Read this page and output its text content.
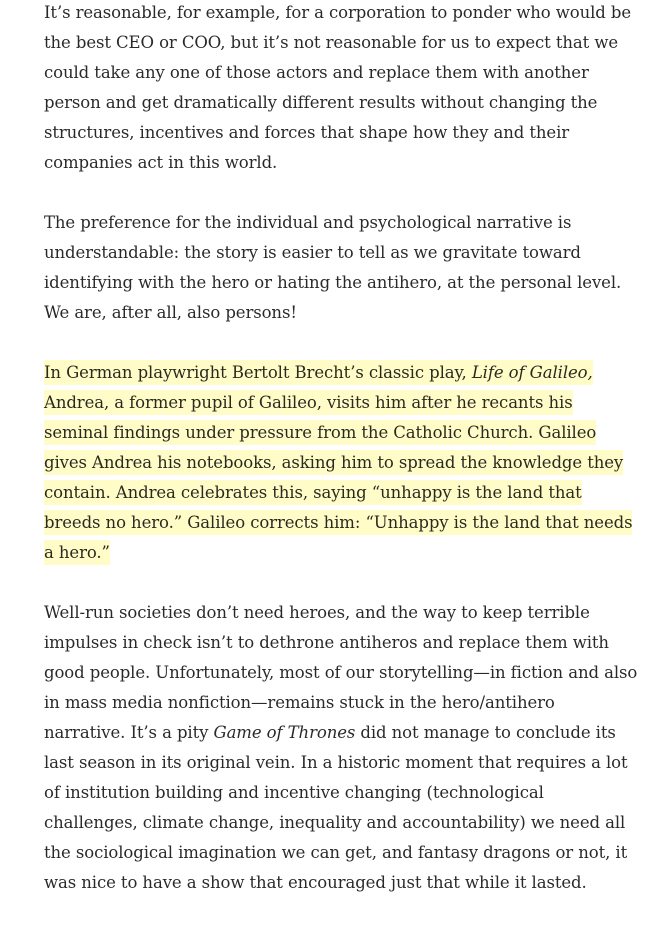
It’s reasonable, for example, for a corporation to ponder who would be the best CEO or COO, but it’s not reasonable for us to expect that we could take any one of those actors and replace them with another person and get dramatically different results without changing the structures, incentives and forces that shape how they and their companies act in this world.

The preference for the individual and psychological narrative is understandable: the story is easier to tell as we gravitate toward identifying with the hero or hating the antihero, at the personal level. We are, after all, also persons!

In German playwright Bertolt Brecht’s classic play, Life of Galileo, Andrea, a former pupil of Galileo, visits him after he recants his seminal findings under pressure from the Catholic Church. Galileo gives Andrea his notebooks, asking him to spread the knowledge they contain. Andrea celebrates this, saying “unhappy is the land that breeds no hero.” Galileo corrects him: “Unhappy is the land that needs a hero.”

Well-run societies don’t need heroes, and the way to keep terrible impulses in check isn’t to dethrone antiheros and replace them with good people. Unfortunately, most of our storytelling—in fiction and also in mass media nonfiction—remains stuck in the hero/antihero narrative. It’s a pity Game of Thrones did not manage to conclude its last season in its original vein. In a historic moment that requires a lot of institution building and incentive changing (technological challenges, climate change, inequality and accountability) we need all the sociological imagination we can get, and fantasy dragons or not, it was nice to have a show that encouraged just that while it lasted.
